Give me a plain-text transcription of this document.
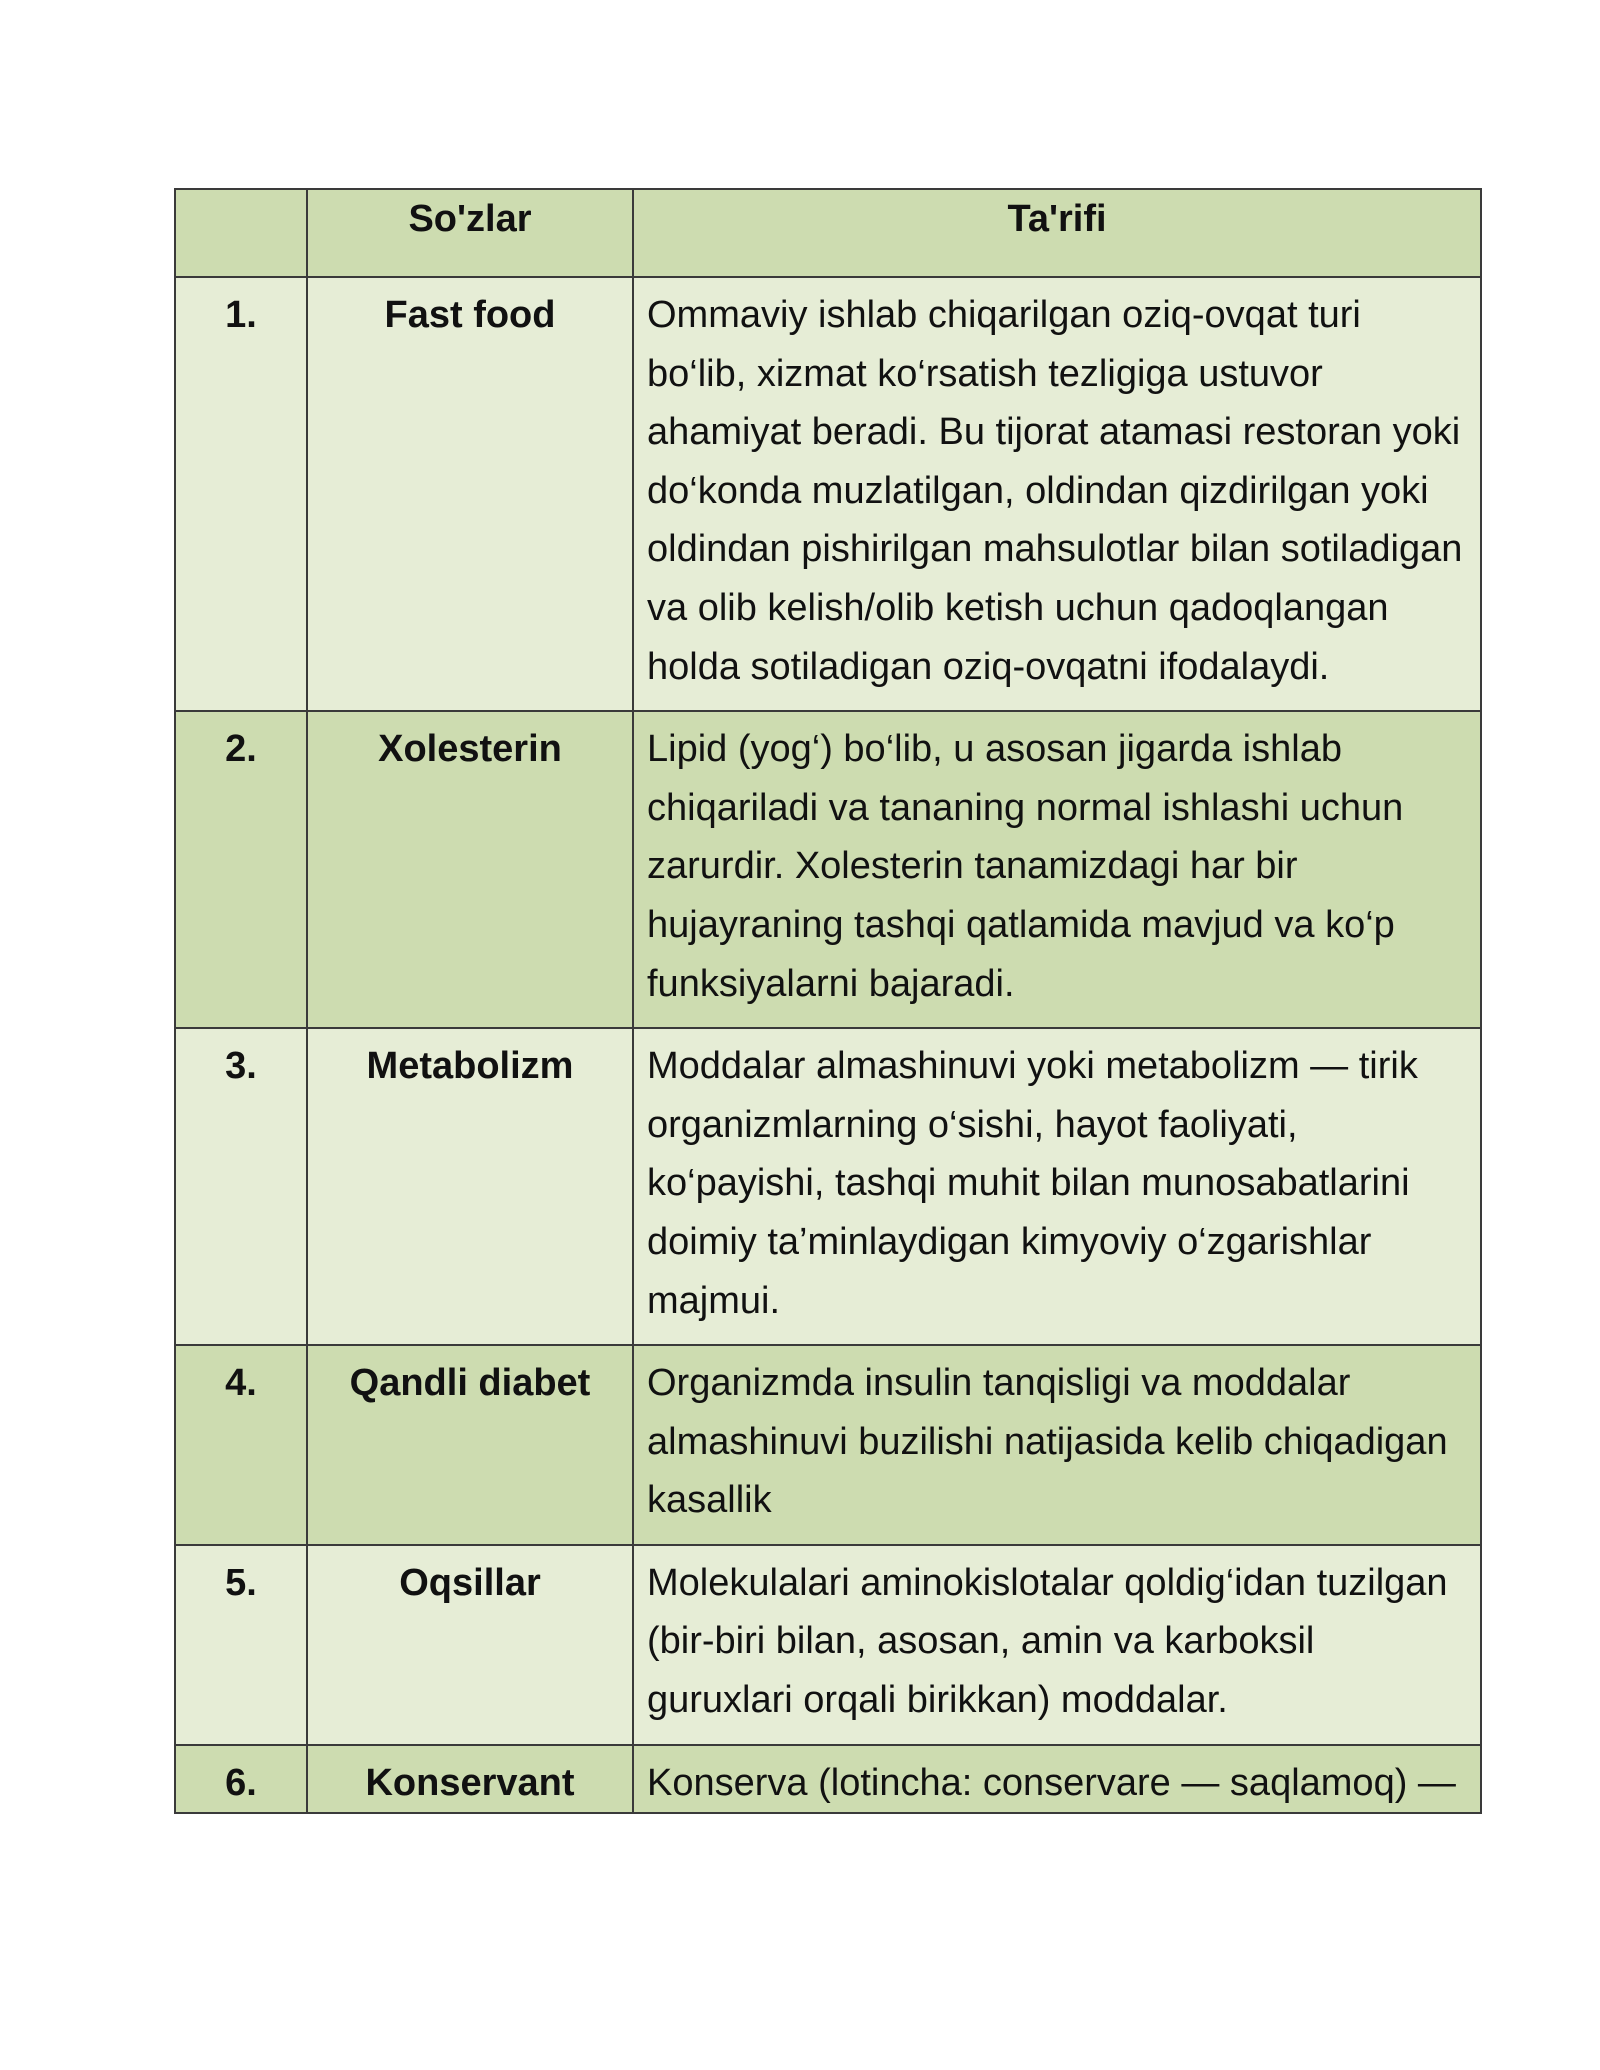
	So'zlar	Ta'rifi
1.	Fast food	Ommaviy ishlab chiqarilgan oziq-ovqat turi bo‘lib, xizmat ko‘rsatish tezligiga ustuvor ahamiyat beradi. Bu tijorat atamasi restoran yoki do‘konda muzlatilgan, oldindan qizdirilgan yoki oldindan pishirilgan mahsulotlar bilan sotiladigan va olib kelish/olib ketish uchun qadoqlangan holda sotiladigan oziq-ovqatni ifodalaydi.
2.	Xolesterin	Lipid (yog‘) bo‘lib, u asosan jigarda ishlab chiqariladi va tananing normal ishlashi uchun zarurdir. Xolesterin tanamizdagi har bir hujayraning tashqi qatlamida mavjud va ko‘p funksiyalarni bajaradi.
3.	Metabolizm	Moddalar almashinuvi yoki metabolizm — tirik organizmlarning o‘sishi, hayot faoliyati, ko‘payishi, tashqi muhit bilan munosabatlarini doimiy ta’minlaydigan kimyoviy o‘zgarishlar majmui.
4.	Qandli diabet	Organizmda insulin tanqisligi va moddalar almashinuvi buzilishi natijasida kelib chiqadigan kasallik
5.	Oqsillar	Molekulalari aminokislotalar qoldig‘idan tuzilgan (bir-biri bilan, asosan, amin va karboksil guruxlari orqali birikkan) moddalar.
6.	Konservant	Konserva (lotincha: conservare — saqlamoq) —
